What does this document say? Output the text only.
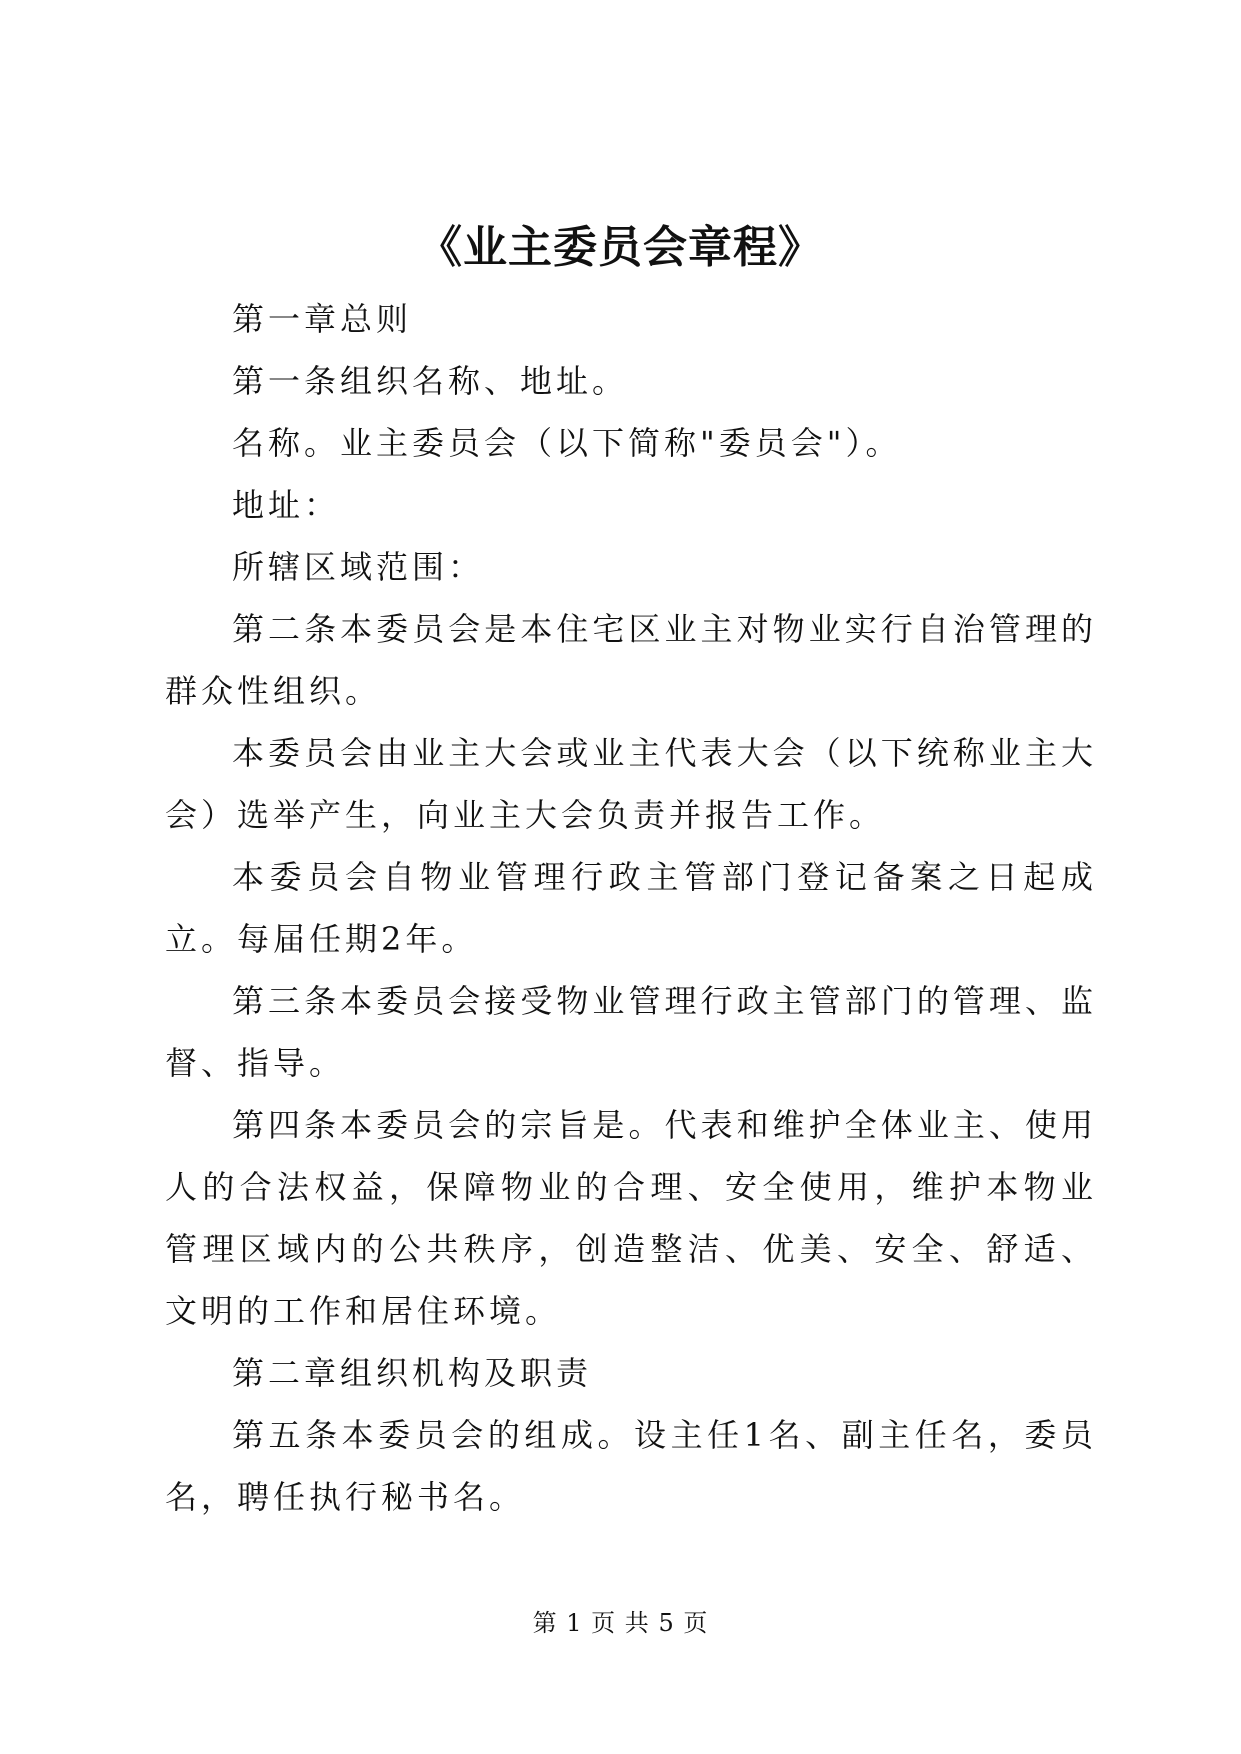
《业主委员会章程》

第一章总则

第一条组织名称、地址。

名称。业主委员会（以下简称"委员会"）。

地址：

所辖区域范围：

第二条本委员会是本住宅区业主对物业实行自治管理的群众性组织。

本委员会由业主大会或业主代表大会（以下统称业主大会）选举产生，向业主大会负责并报告工作。

本委员会自物业管理行政主管部门登记备案之日起成立。每届任期2年。

第三条本委员会接受物业管理行政主管部门的管理、监督、指导。

第四条本委员会的宗旨是。代表和维护全体业主、使用人的合法权益，保障物业的合理、安全使用，维护本物业管理区域内的公共秩序，创造整洁、优美、安全、舒适、文明的工作和居住环境。

第二章组织机构及职责

第五条本委员会的组成。设主任1名、副主任名，委员名，聘任执行秘书名。

第 1 页 共 5 页
